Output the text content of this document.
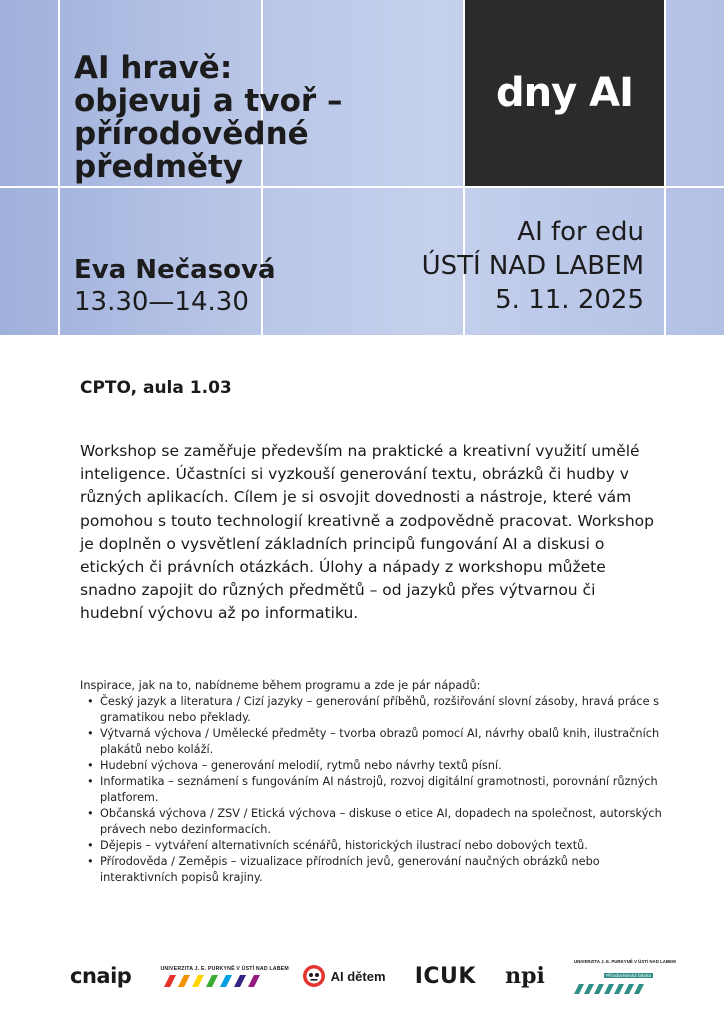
dny AI
AI hravě:
objevuj a tvoř –
přírodovědné
předměty
Eva Nečasová
13.30—14.30
AI for edu
ÚSTÍ NAD LABEM
5. 11. 2025
CPTO, aula 1.03

Workshop se zaměřuje především na praktické a kreativní využití umělé inteligence. Účastníci si vyzkouší generování textu, obrázků či hudby v různých aplikacích. Cílem je si osvojit dovednosti a nástroje, které vám pomohou s touto technologií kreativně a zodpovědně pracovat. Workshop je doplněn o vysvětlení základních principů fungování AI a diskusi o etických či právních otázkách. Úlohy a nápady z workshopu můžete snadno zapojit do různých předmětů – od jazyků přes výtvarnou či hudební výchovu až po informatiku.

Inspirace, jak na to, nabídneme během programu a zde je pár nápadů:

• Český jazyk a literatura / Cizí jazyky – generování příběhů, rozšiřování slovní zásoby, hravá práce s gramatikou nebo překlady.
• Výtvarná výchova / Umělecké předměty – tvorba obrazů pomocí AI, návrhy obalů knih, ilustračních plakátů nebo koláží.
• Hudební výchova – generování melodií, rytmů nebo návrhy textů písní.
• Informatika – seznámení s fungováním AI nástrojů, rozvoj digitální gramotnosti, porovnání různých platforem.
• Občanská výchova / ZSV / Etická výchova – diskuse o etice AI, dopadech na společnost, autorských právech nebo dezinformacích.
• Dějepis – vytváření alternativních scénářů, historických ilustrací nebo dobových textů.
• Přírodověda / Zeměpis – vizualizace přírodních jevů, generování naučných obrázků nebo interaktivních popisů krajiny.
cnaip	UNIVERZITA J. E. PURKYNĚ V ÚSTÍ NAD LABEM	AI dětem ICUK npi
UNIVERZITA J. E. PURKYNĚ V ÚSTÍ NAD LABEM
Přírodovědecká fakulta
